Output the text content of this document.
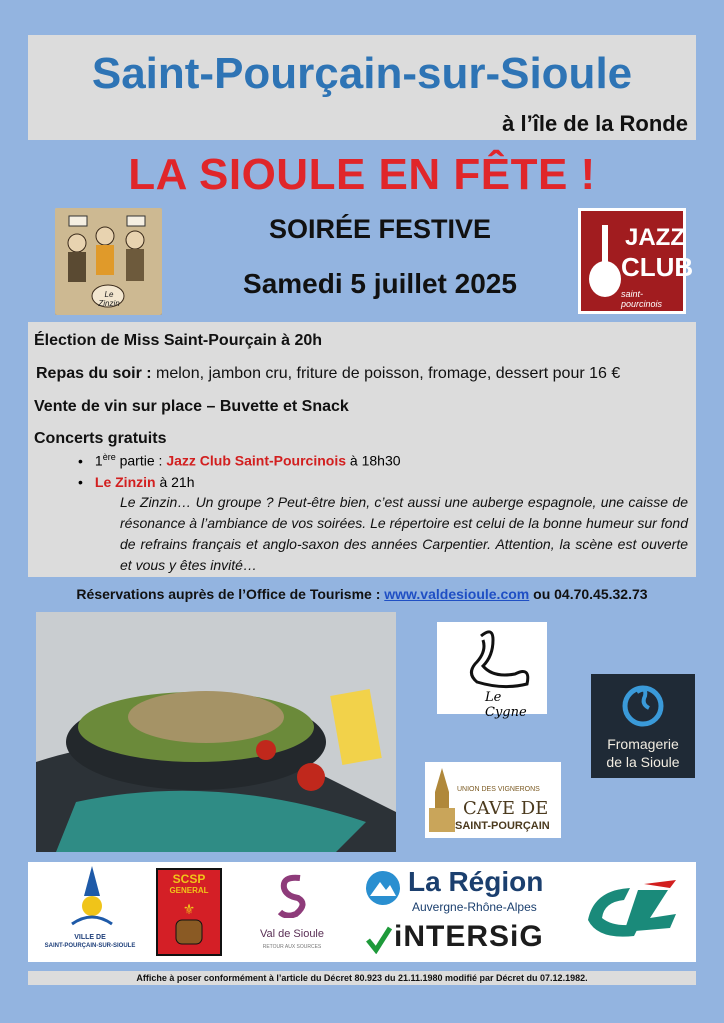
Saint-Pourçain-sur-Sioule
à l’île de la Ronde
LA SIOULE EN FÊTE !
SOIRÉE FESTIVE
Samedi 5 juillet 2025
Le Zinzin
JAZZ
CLUB
saint-pourcinois
Élection de Miss Saint-Pourçain à 20h
Repas du soir : melon, jambon cru, friture de poisson, fromage, dessert pour 16 €
Vente de vin sur place – Buvette et Snack
Concerts gratuits
• 1ère partie : Jazz Club Saint-Pourcinois à 18h30
• Le Zinzin à 21h
Le Zinzin… Un groupe ? Peut-être bien, c’est aussi une auberge espagnole, une caisse de résonance à l’ambiance de vos soirées. Le répertoire est celui de la bonne humeur sur fond de refrains français et anglo-saxon des années Carpentier. Attention, la scène est ouverte et vous y êtes invité…
Réservations auprès de l’Office de Tourisme : www.valdesioule.com ou 04.70.45.32.73
Le Cygne
Fromagerie
de la Sioule
UNION DES VIGNERONS
CAVE DE
SAINT-POURÇAIN
VILLE DE
SAINT-POURÇAIN-SUR-SIOULE
SCSP
GENERAL
⚜
Val de Sioule
RETOUR AUX SOURCES
La Région
Auvergne-Rhône-Alpes
iNTERSiG
Affiche à poser conformément à l’article du Décret 80.923 du 21.11.1980 modifié par Décret du 07.12.1982.
